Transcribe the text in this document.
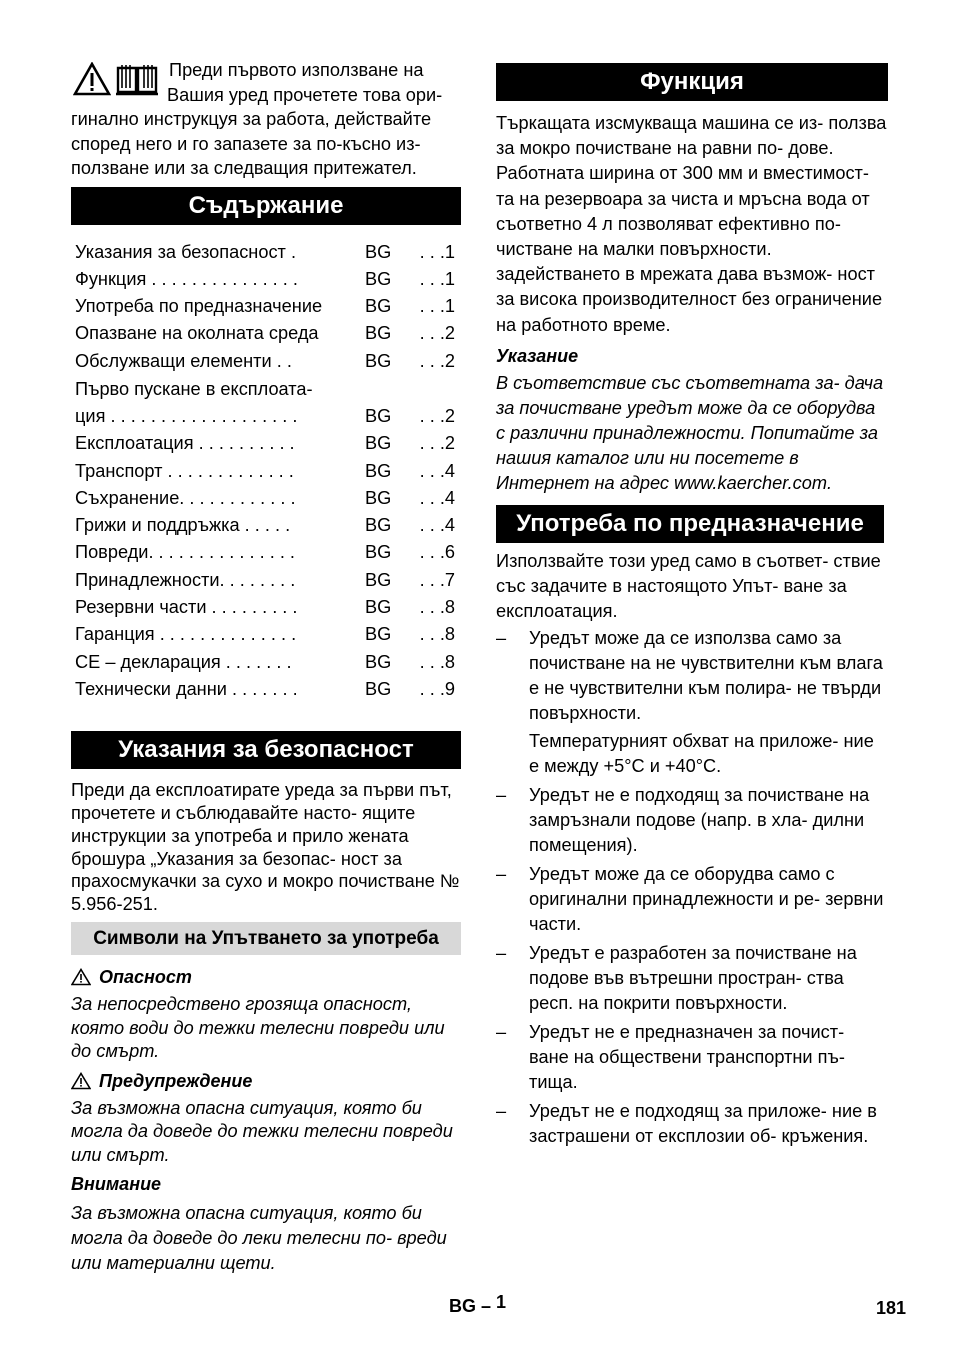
Преди първото използване на

Вашия уред прочетете това ори-

гинално инструкцуя за работа, действайте според него и го запазете за по-късно из- ползване или за следващия притежател.

Съдържание
Указания за безопасност .	BG	. . .1
Функция . . . . . . . . . . . . . . .	BG	. . .1
Употреба по предназначение	BG	. . .1
Опазване на околната среда	BG	. . .2
Обслужващи елементи . .	BG	. . .2
Първо пускане в експлоата-		
ция . . . . . . . . . . . . . . . . . . .	BG	. . .2
Експлоатация . . . . . . . . . .	BG	. . .2
Транспорт . . . . . . . . . . . . .	BG	. . .4
Съхранение. . . . . . . . . . . .	BG	. . .4
Грижи и поддръжка . . . . .	BG	. . .4
Повреди. . . . . . . . . . . . . . .	BG	. . .6
Принадлежности. . . . . . . .	BG	. . .7
Резервни части . . . . . . . . .	BG	. . .8
Гаранция . . . . . . . . . . . . . .	BG	. . .8
CE – декларация . . . . . . .	BG	. . .8
Технически данни . . . . . . .	BG	. . .9
Указания за безопасност

Преди да експлоатирате уреда за първи път, прочетете и съблюдавайте насто- ящите инструкции за употреба и прило жената брошура „Указания за безопас- ност за прахосмукачки за сухо и мокро почистване № 5.956-251.

Символи на Упътването за употреба
Опасност

За непосредствено грозяща опасност, която води до тежки телесни повреди или до смърт.

Предупреждение

За възможна опасна ситуация, която би могла да доведе до тежки телесни повреди или смърт.

Внимание

За възможна опасна ситуация, която би могла да доведе до леки телесни по- вреди или материални щети.

Функция

Търкащата изсмукваща машина се из- ползва за мокро почистване на равни по- дове.

Работната ширина от 300 мм и вместимост- та на резервоара за чиста и мръсна вода от съответно 4 л позволяват ефективно по- чистване на малки повърхности.

задействането в мрежата дава възмож- ност за висока производителност без ограничение на работното време.

Указание

В съответствие със съответната за- дача за почистване уредът може да се оборудва с различни принадлежности. Попитайте за нашия каталог или ни посетете в Интернет на адрес www.kaercher.com.

Употреба по предназначение

Използвайте този уред само в съответ- ствие със задачите в настоящото Упът- ване за експлоатация.

–	Уредът може да се използва само за почистване на не чувствителни към влага е не чувствителни към полира- не твърди повърхности.
Температурният обхват на приложе- ние е между +5°C и +40°C.
–	Уредът не е подходящ за почистване на замръзнали подове (напр. в хла- дилни помещения).
–	Уредът може да се оборудва само с оригинални принадлежности и ре- зервни части.
–	Уредът е разработен за почистване на подове във вътрешни простран- ства респ. на покрити повърхности.
–	Уредът не е предназначен за почист- ване на обществени транспортни пъ- тища.
–	Уредът не е подходящ за приложе- ние в застрашени от експлозии об- кръжения.
BG – 1	181
